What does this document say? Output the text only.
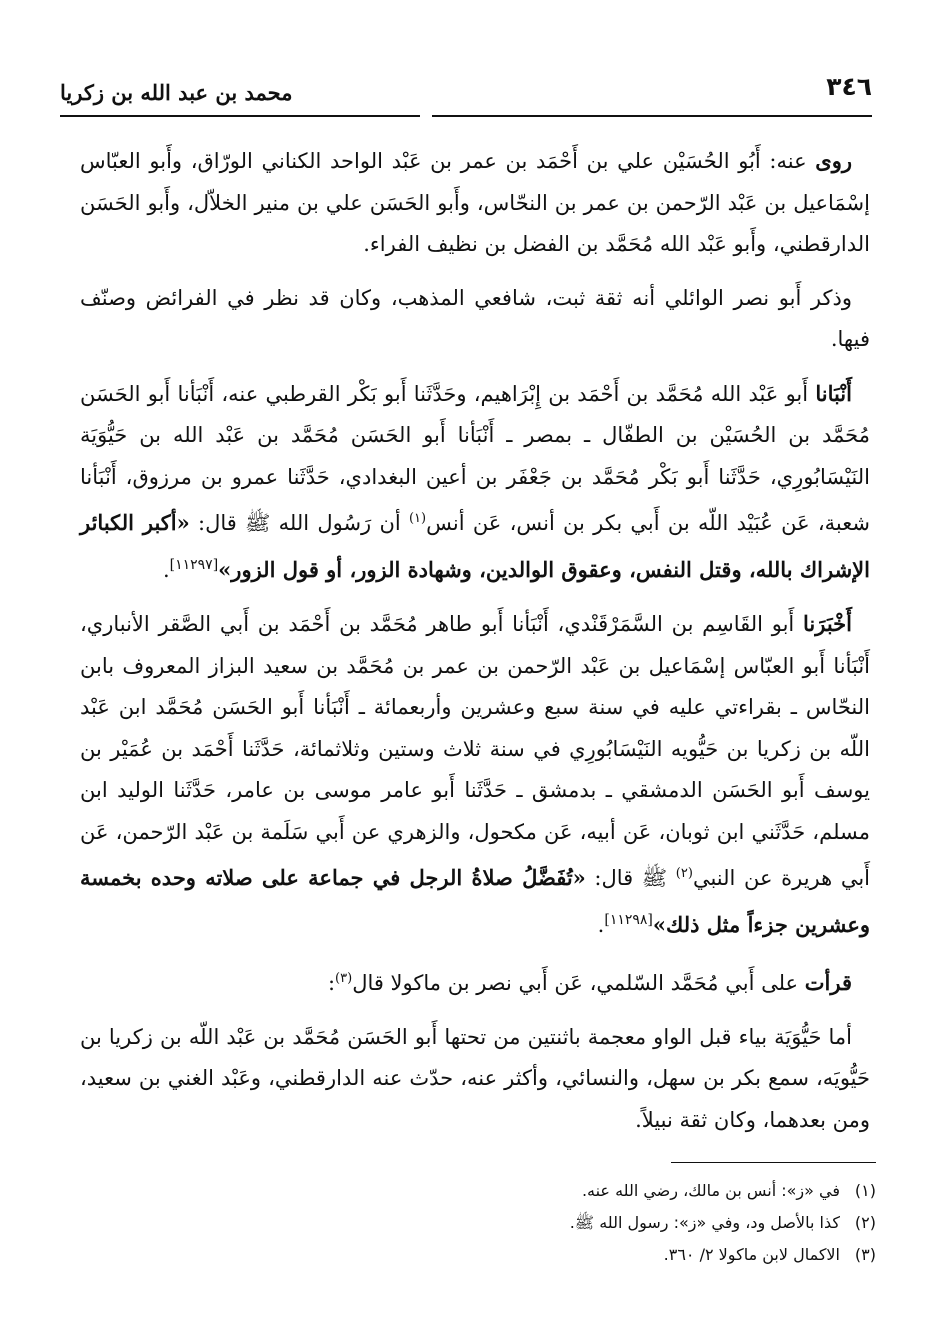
٣٤٦
محمد بن عبد الله بن زكريا

روى عنه: أَبُو الحُسَيْن علي بن أَحْمَد بن عمر بن عَبْد الواحد الكناني الورّاق، وأَبو العبّاس إسْمَاعيل بن عَبْد الرّحمن بن عمر بن النحّاس، وأَبو الحَسَن علي بن منير الخلاّل، وأَبو الحَسَن الدارقطني، وأَبو عَبْد الله مُحَمَّد بن الفضل بن نظيف الفراء.

وذكر أَبو نصر الوائلي أنه ثقة ثبت، شافعي المذهب، وكان قد نظر في الفرائض وصنّف فيها.

أَنْبَانا أَبو عَبْد الله مُحَمَّد بن أَحْمَد بن إِبْرَاهيم، وحَدَّثَنا أَبو بَكْر القرطبي عنه، أَنْبَأنا أَبو الحَسَن مُحَمَّد بن الحُسَيْن بن الطفّال ـ بمصر ـ أَنْبَأنا أَبو الحَسَن مُحَمَّد بن عَبْد الله بن حَيُّوَيَة النَيْسَابُورِي، حَدَّثَنا أَبو بَكْر مُحَمَّد بن جَعْفَر بن أعين البغدادي، حَدَّثَنا عمرو بن مرزوق، أَنْبَأنا شعبة، عَن عُبَيْد اللّه بن أَبي بكر بن أنس، عَن أنس$^{(١)}$ أن رَسُول الله ﷺ قال: «أكبر الكبائر الإشراك بالله، وقتل النفس، وعقوق الوالدين، وشهادة الزور، أو قول الزور»[١١٢٩٧].

أَخْبَرَنا أَبو القَاسِم بن السَّمَرْقَنْدي، أَنْبَأنا أَبو طاهر مُحَمَّد بن أَحْمَد بن أَبي الصَّقر الأنباري، أَنْبَأنا أَبو العبّاس إسْمَاعيل بن عَبْد الرّحمن بن عمر بن مُحَمَّد بن سعيد البزاز المعروف بابن النحّاس ـ بقراءتي عليه في سنة سبع وعشرين وأربعمائة ـ أَنْبَأنا أَبو الحَسَن مُحَمَّد ابن عَبْد اللّه بن زكريا بن حَيُّويه النَيْسَابُورِي في سنة ثلاث وستين وثلاثمائة، حَدَّثَنا أَحْمَد بن عُمَيْر بن يوسف أَبو الحَسَن الدمشقي ـ بدمشق ـ حَدَّثَنا أَبو عامر موسى بن عامر، حَدَّثَنا الوليد ابن مسلم، حَدَّثَني ابن ثوبان، عَن أبيه، عَن مكحول، والزهري عن أَبي سَلَمة بن عَبْد الرّحمن، عَن أَبي هريرة عن النبي$^{(٢)}$ ﷺ قال: «تُفَضَّلُ صلاةُ الرجل في جماعة على صلاته وحده بخمسة وعشرين جزءاً مثل ذلك»[١١٢٩٨].

قرأت على أَبي مُحَمَّد السّلمي، عَن أَبي نصر بن ماكولا قال$^{(٣)}$:

أما حَيُّوَيَة بياء قبل الواو معجمة باثنتين من تحتها أَبو الحَسَن مُحَمَّد بن عَبْد اللّه بن زكريا بن حَيُّويَه، سمع بكر بن سهل، والنسائي، وأكثر عنه، حدّث عنه الدارقطني، وعَبْد الغني بن سعيد، ومن بعدهما، وكان ثقة نبيلاً.

(١)في «ز»: أنس بن مالك، رضي الله عنه.
(٢)كذا بالأصل ود، وفي «ز»: رسول الله ﷺ.
(٣)الاكمال لابن ماكولا ٢/ ٣٦٠.
